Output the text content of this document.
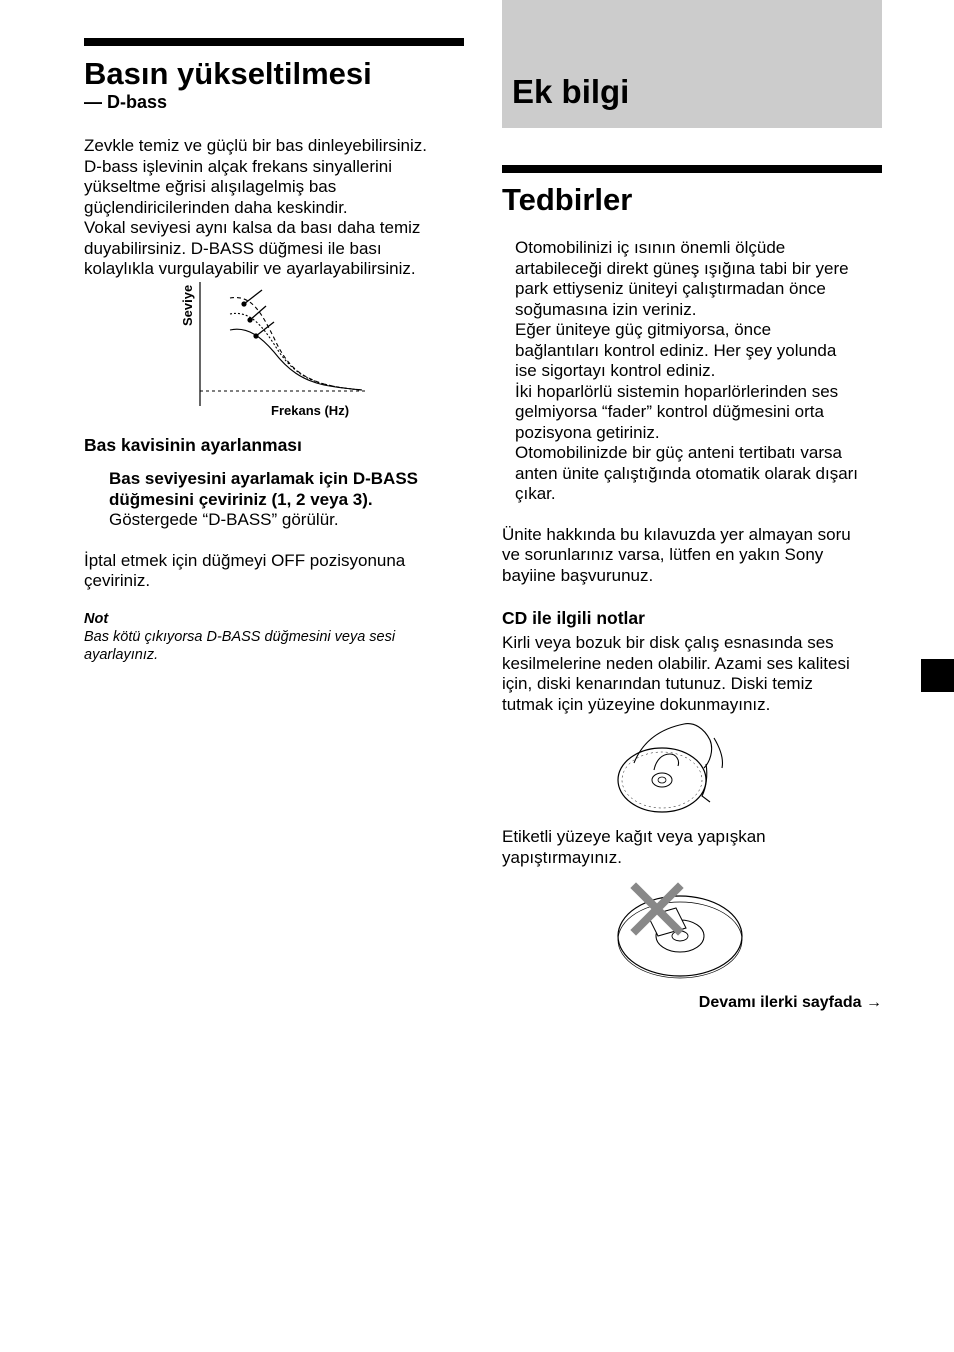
Basın yükseltilmesi
— D-bass

Zevkle temiz ve güçlü bir bas dinleyebilirsiniz.

D-bass işlevinin alçak frekans sinyallerini

yükseltme eğrisi alışılagelmiş bas

güçlendiricilerinden daha keskindir.

Vokal seviyesi aynı kalsa da bası daha temiz

duyabilirsiniz. D-BASS düğmesi ile bası

kolaylıkla vurgulayabilir ve ayarlayabilirsiniz.

Seviye
Frekans (Hz)
Bas kavisinin ayarlanması

Bas seviyesini ayarlamak için D-BASS

düğmesini çeviriniz (1, 2 veya 3).

Göstergede “D-BASS” görülür.

İptal etmek için düğmeyi OFF pozisyonuna

çeviriniz.

Not
Bas kötü çıkıyorsa D-BASS düğmesini veya sesi
ayarlayınız.
Ek bilgi
Tedbirler

Otomobilinizi iç ısının önemli ölçüde

artabileceği direkt güneş ışığına tabi bir yere

park ettiyseniz üniteyi çalıştırmadan önce

soğumasına izin veriniz.

Eğer üniteye güç gitmiyorsa, önce

bağlantıları kontrol ediniz. Her şey yolunda

ise sigortayı kontrol ediniz.

İki hoparlörlü sistemin hoparlörlerinden ses

gelmiyorsa “fader” kontrol düğmesini orta

pozisyona getiriniz.

Otomobilinizde bir güç anteni tertibatı varsa

anten ünite çalıştığında otomatik olarak dışarı

çıkar.

Ünite hakkında bu kılavuzda yer almayan soru

ve sorunlarınız varsa, lütfen en yakın Sony

bayiine başvurunuz.

CD ile ilgili notlar

Kirli veya bozuk bir disk çalış esnasında ses

kesilmelerine neden olabilir. Azami ses kalitesi

için, diski kenarından tutunuz. Diski temiz

tutmak için yüzeyine dokunmayınız.

Etiketli yüzeye kağıt veya yapışkan

yapıştırmayınız.

Devamı ilerki sayfada →
